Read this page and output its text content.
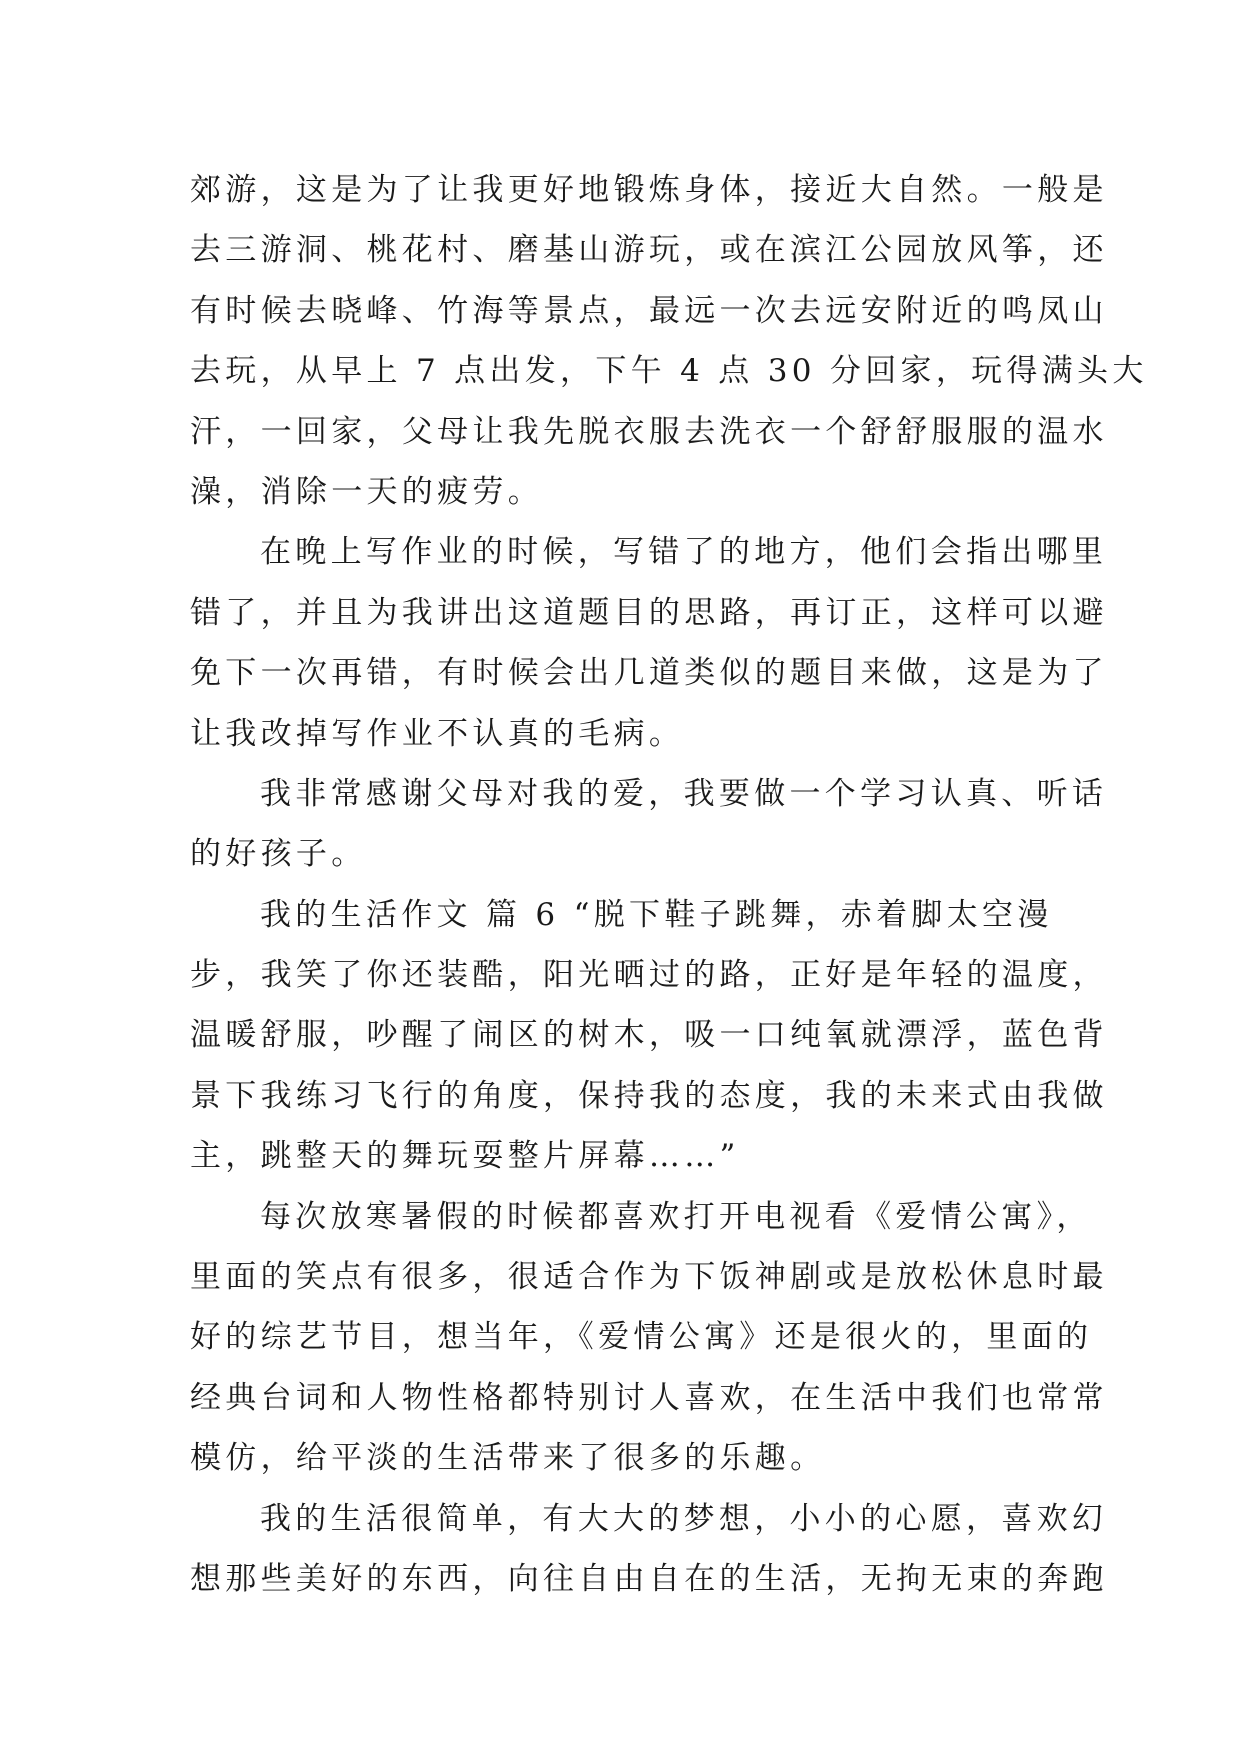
郊游，这是为了让我更好地锻炼身体，接近大自然。一般是
去三游洞、桃花村、磨基山游玩，或在滨江公园放风筝，还
有时候去晓峰、竹海等景点，最远一次去远安附近的鸣凤山
去玩，从早上 7 点出发，下午 4 点 30 分回家，玩得满头大
汗，一回家，父母让我先脱衣服去洗衣一个舒舒服服的温水
澡，消除一天的疲劳。
在晚上写作业的时候，写错了的地方，他们会指出哪里
错了，并且为我讲出这道题目的思路，再订正，这样可以避
免下一次再错，有时候会出几道类似的题目来做，这是为了
让我改掉写作业不认真的毛病。
我非常感谢父母对我的爱，我要做一个学习认真、听话
的好孩子。
我的生活作文 篇 6 “脱下鞋子跳舞，赤着脚太空漫
步，我笑了你还装酷，阳光晒过的路，正好是年轻的温度，
温暖舒服，吵醒了闹区的树木，吸一口纯氧就漂浮，蓝色背
景下我练习飞行的角度，保持我的态度，我的未来式由我做
主，跳整天的舞玩耍整片屏幕……”
每次放寒暑假的时候都喜欢打开电视看《爱情公寓》，
里面的笑点有很多，很适合作为下饭神剧或是放松休息时最
好的综艺节目，想当年，《爱情公寓》还是很火的，里面的
经典台词和人物性格都特别讨人喜欢，在生活中我们也常常
模仿，给平淡的生活带来了很多的乐趣。
我的生活很简单，有大大的梦想，小小的心愿，喜欢幻
想那些美好的东西，向往自由自在的生活，无拘无束的奔跑
